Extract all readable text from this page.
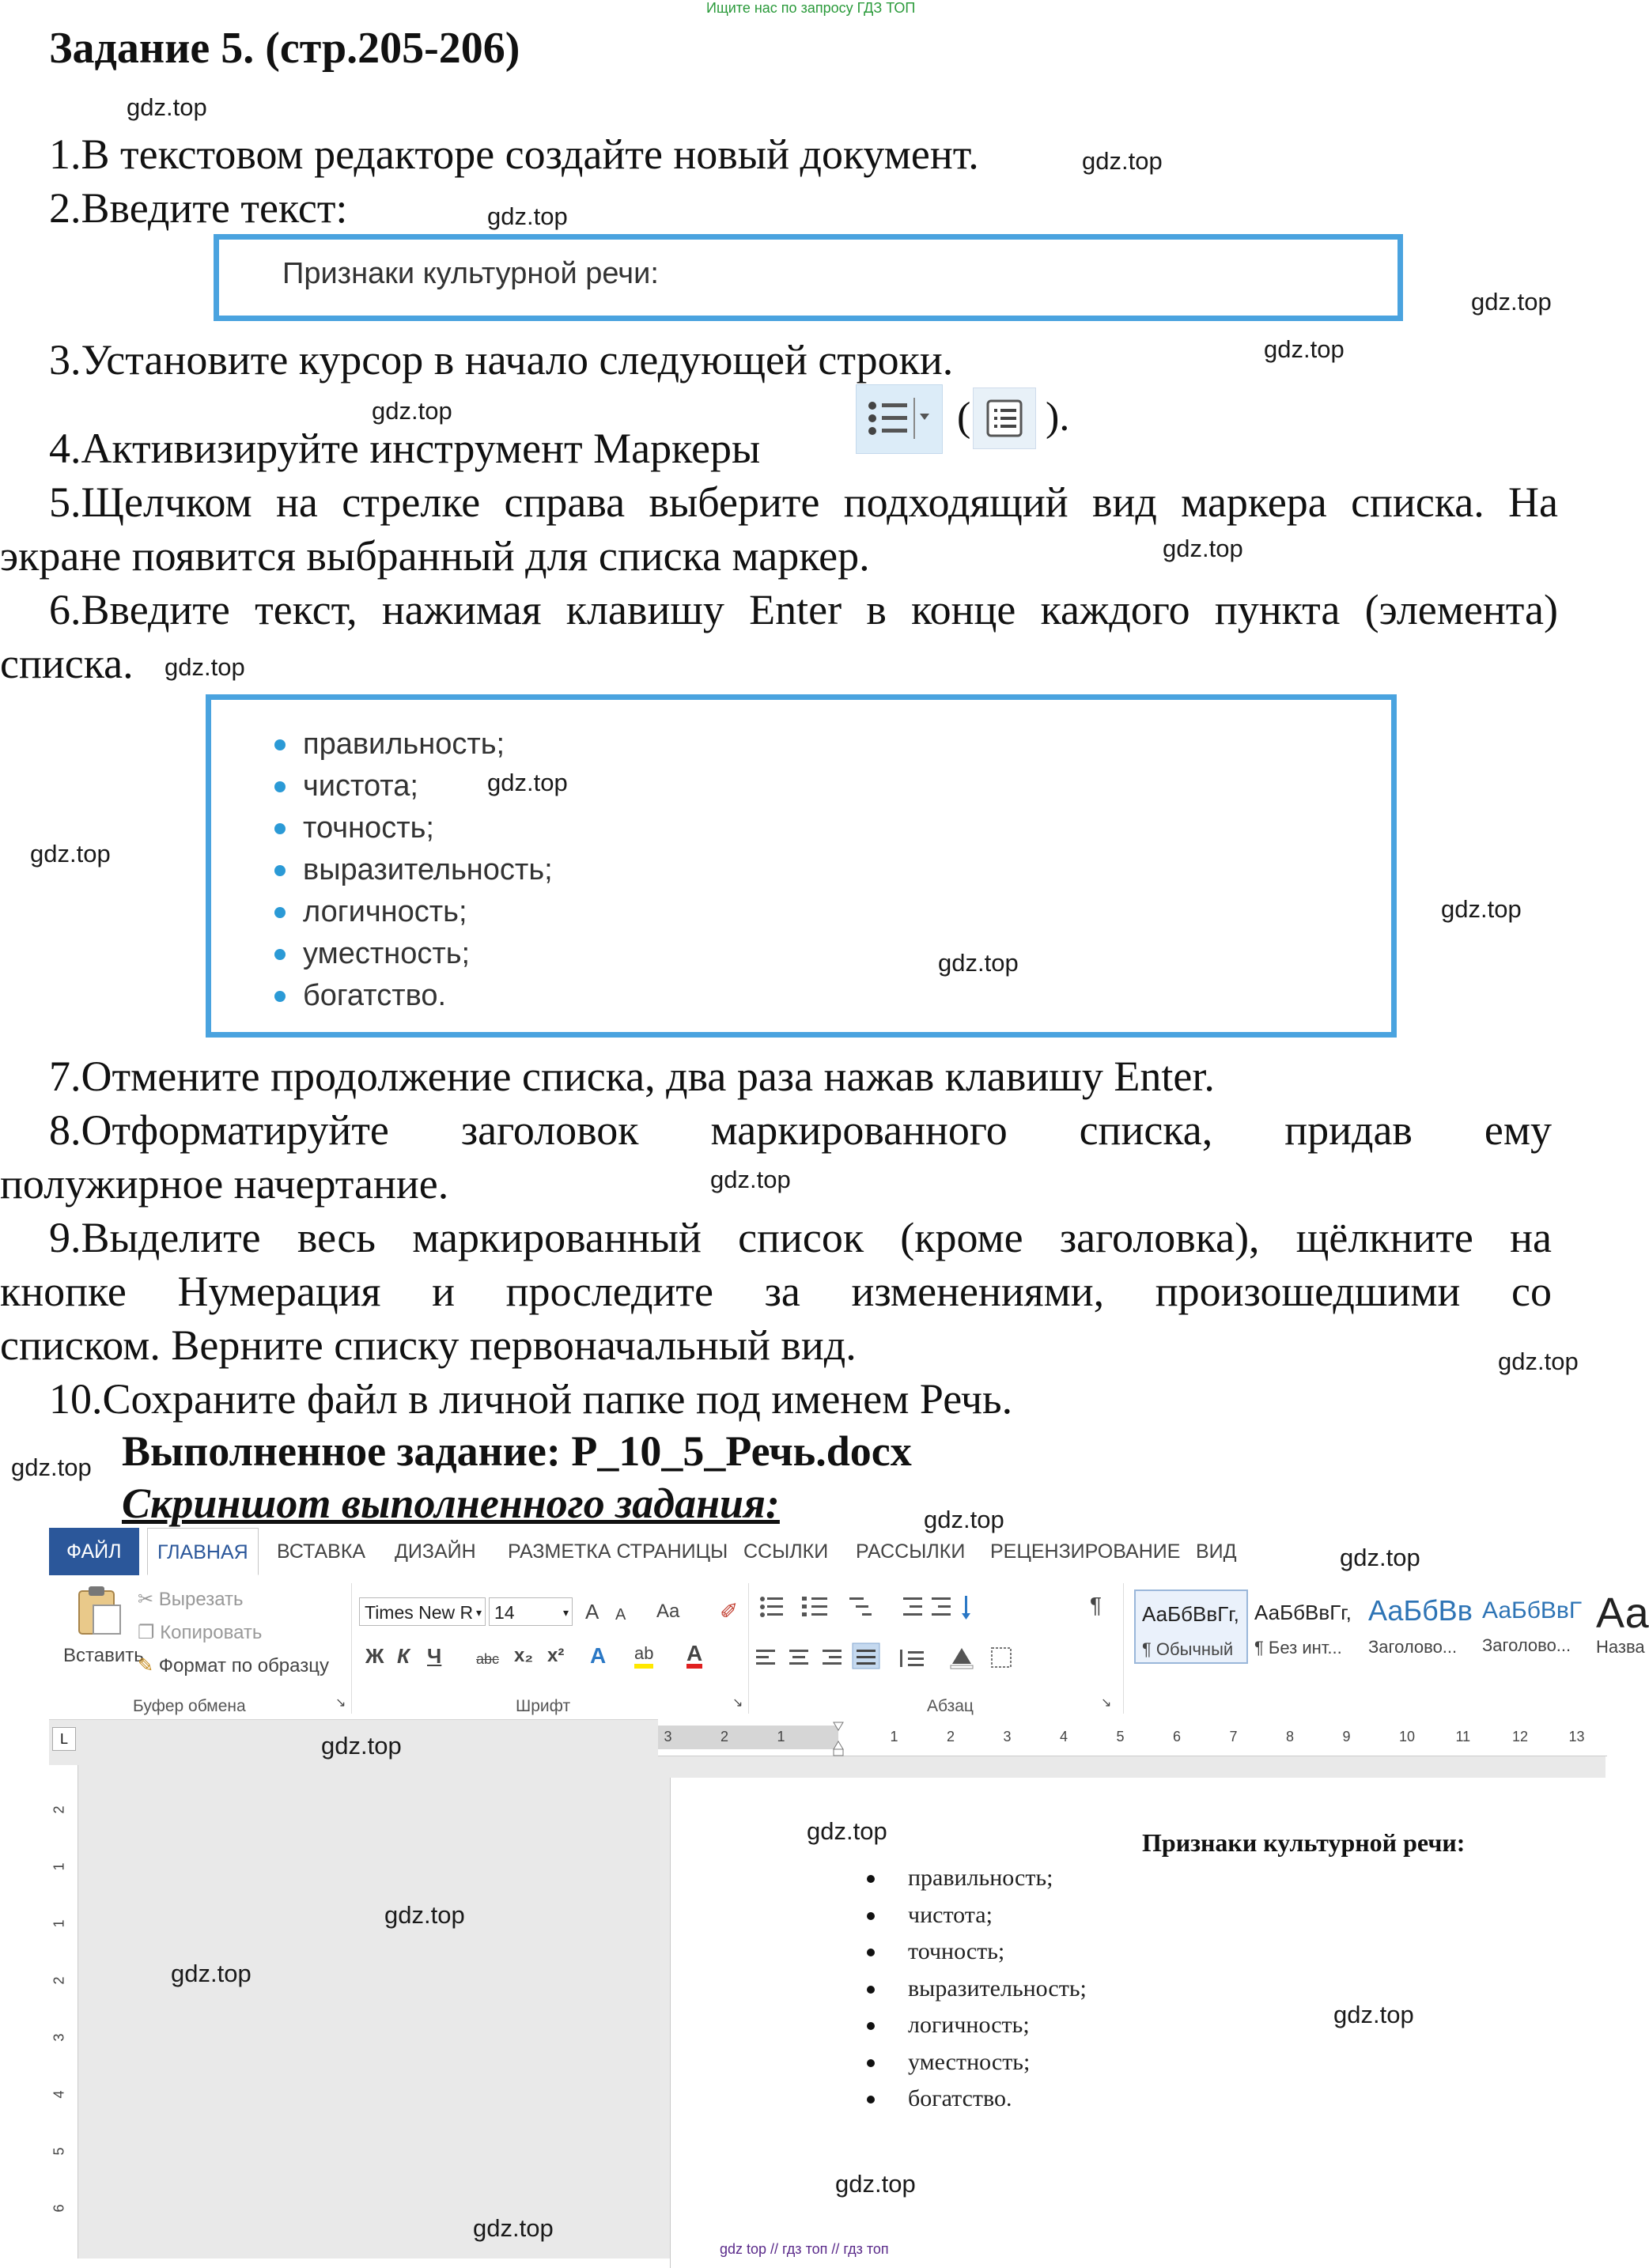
Ищите нас по запросу ГДЗ ТОП
Задание 5. (стр.205-206)
1.В текстовом редакторе создайте новый документ.
2.Введите текст:
Признаки культурной речи:
3.Установите курсор в начало следующей строки.
4.Активизируйте инструмент Маркеры
( ).
5.Щелчком на стрелке справа выберите подходящий вид маркера списка. На
экране появится выбранный для списка маркер.
6.Введите текст, нажимая клавишу Enter в конце каждого пункта (элемента)
списка.
правильность;
чистота;
точность;
выразительность;
логичность;
уместность;
богатство.
7.Отмените продолжение списка, два раза нажав клавишу Enter.
8.Отформатируйте заголовок маркированного списка, придав ему
полужирное начертание.
9.Выделите весь маркированный список (кроме заголовка), щёлкните на
кнопке Нумерация и проследите за изменениями, произошедшими со
списком. Верните списку первоначальный вид.
10.Сохраните файл в личной папке под именем Речь.
Выполненное задание: Р_10_5_Речь.docx
Скриншот выполненного задания:
ФАЙЛ	ГЛАВНАЯ	ВСТАВКА ДИЗАЙН РАЗМЕТКА СТРАНИЦЫ ССЫЛКИ РАССЫЛКИ РЕЦЕНЗИРОВАНИЕ ВИД
Вставить
✂ Вырезать
❐ Копировать
✎ Формат по образцу
Буфер обмена	↘
Times New R ▾ 14	▾ A A Aa ✐
Ж К Ч abc x₂ x² A ab A
Шрифт	↘
¶
Абзац	↘
АаБбВвГг,
¶ Обычный
АаБбВвГг,
¶ Без инт...
АаБбВв
Заголово...
АаБбВвГ
Заголово...
Аа
Назва
L	3	2	1	1	2	3	4	5	6	7	8	9	10	11	12	13
2
1
1
2
3
4
5
6
Признаки культурной речи:
правильность;
чистота;
точность;
выразительность;
логичность;
уместность;
богатство.
gdz.top
gdz.top
gdz.top
gdz.top
gdz.top
gdz.top
gdz.top
gdz.top
gdz.top
gdz.top
gdz.top
gdz.top
gdz.top
gdz.top
gdz.top
gdz.top
gdz.top
gdz.top
gdz.top
gdz.top
gdz.top
gdz.top
gdz.top
gdz.top
gdz top // гдз топ // гдз топ
